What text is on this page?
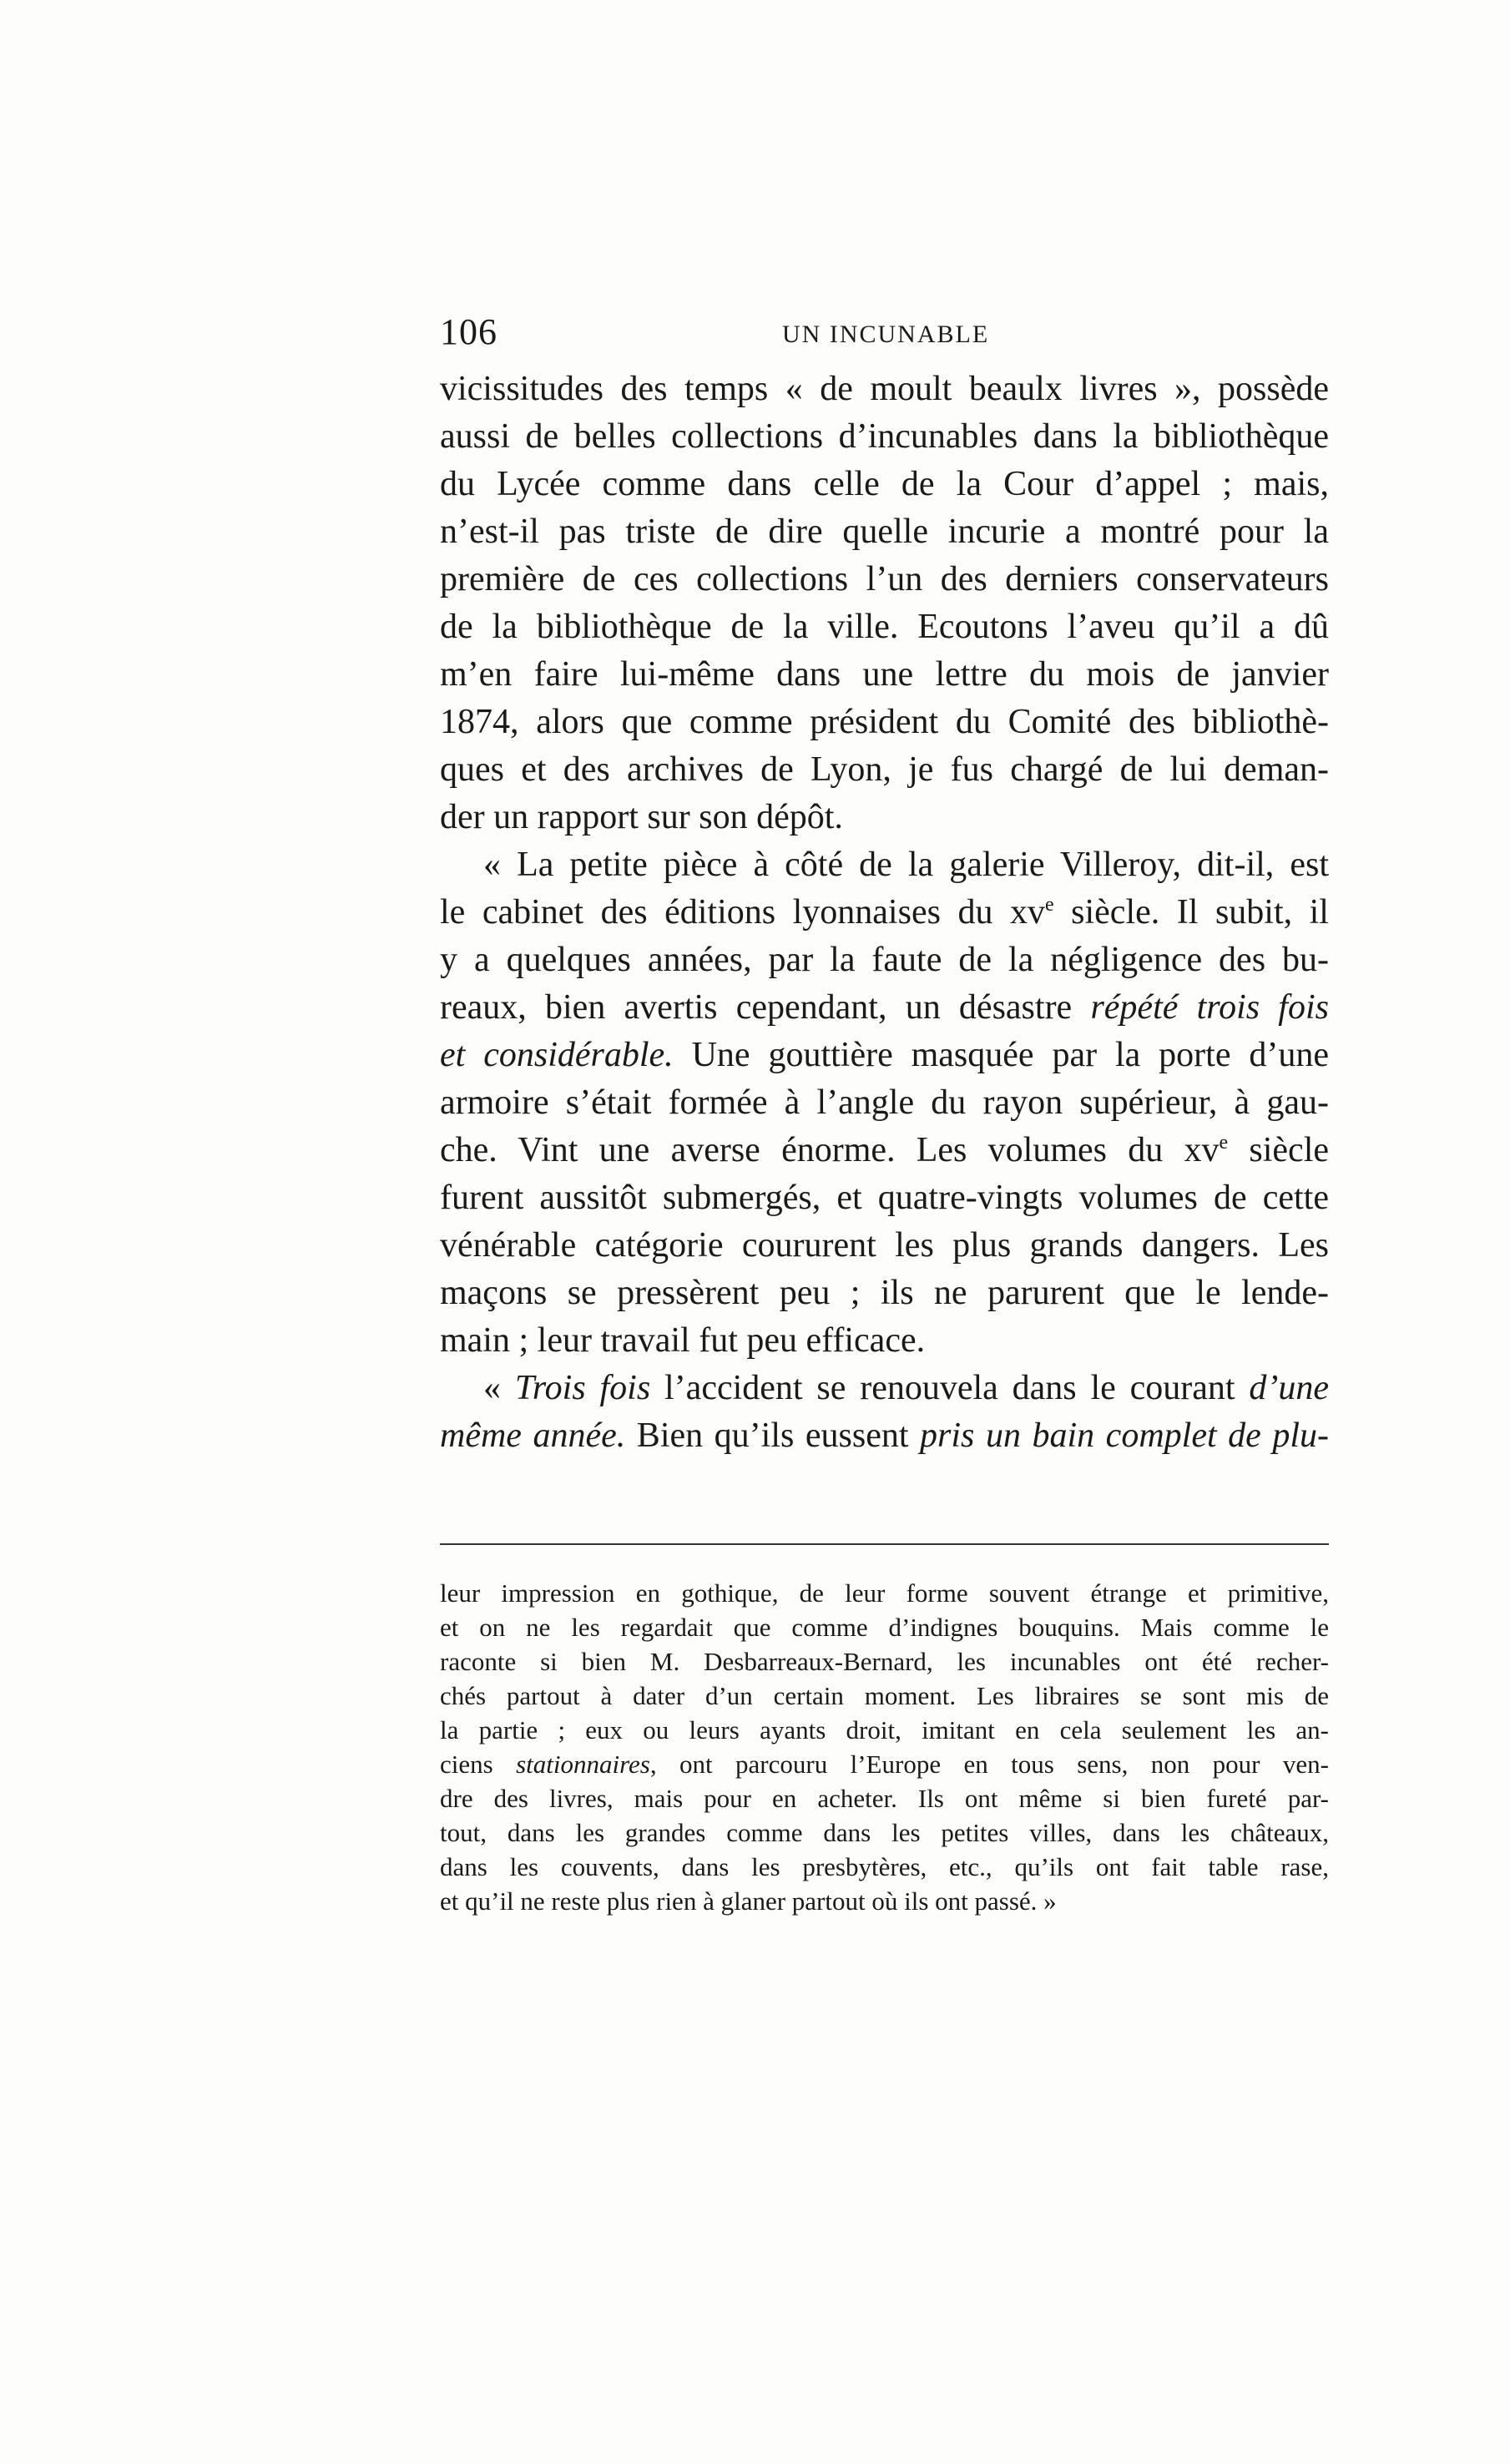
106	UN INCUNABLE
vicissitudes des temps « de moult beaulx livres », possède
aussi de belles collections d’incunables dans la bibliothèque
du Lycée comme dans celle de la Cour d’appel ; mais,
n’est-il pas triste de dire quelle incurie a montré pour la
première de ces collections l’un des derniers conservateurs
de la bibliothèque de la ville. Ecoutons l’aveu qu’il a dû
m’en faire lui-même dans une lettre du mois de janvier
1874, alors que comme président du Comité des bibliothè-
ques et des archives de Lyon, je fus chargé de lui deman-
der un rapport sur son dépôt.
« La petite pièce à côté de la galerie Villeroy, dit-il, est
le cabinet des éditions lyonnaises du $xv^e$ siècle. Il subit, il
y a quelques années, par la faute de la négligence des bu-
reaux, bien avertis cependant, un désastre répété trois fois
et considérable. Une gouttière masquée par la porte d’une
armoire s’était formée à l’angle du rayon supérieur, à gau-
che. Vint une averse énorme. Les volumes du $xv^e$ siècle
furent aussitôt submergés, et quatre-vingts volumes de cette
vénérable catégorie coururent les plus grands dangers. Les
maçons se pressèrent peu ; ils ne parurent que le lende-
main ; leur travail fut peu efficace.
« Trois fois l’accident se renouvela dans le courant d’une
même année. Bien qu’ils eussent pris un bain complet de plu-
leur impression en gothique, de leur forme souvent étrange et primitive,
et on ne les regardait que comme d’indignes bouquins. Mais comme le
raconte si bien M. Desbarreaux-Bernard, les incunables ont été recher-
chés partout à dater d’un certain moment. Les libraires se sont mis de
la partie ; eux ou leurs ayants droit, imitant en cela seulement les an-
ciens stationnaires, ont parcouru l’Europe en tous sens, non pour ven-
dre des livres, mais pour en acheter. Ils ont même si bien fureté par-
tout, dans les grandes comme dans les petites villes, dans les châteaux,
dans les couvents, dans les presbytères, etc., qu’ils ont fait table rase,
et qu’il ne reste plus rien à glaner partout où ils ont passé. »
